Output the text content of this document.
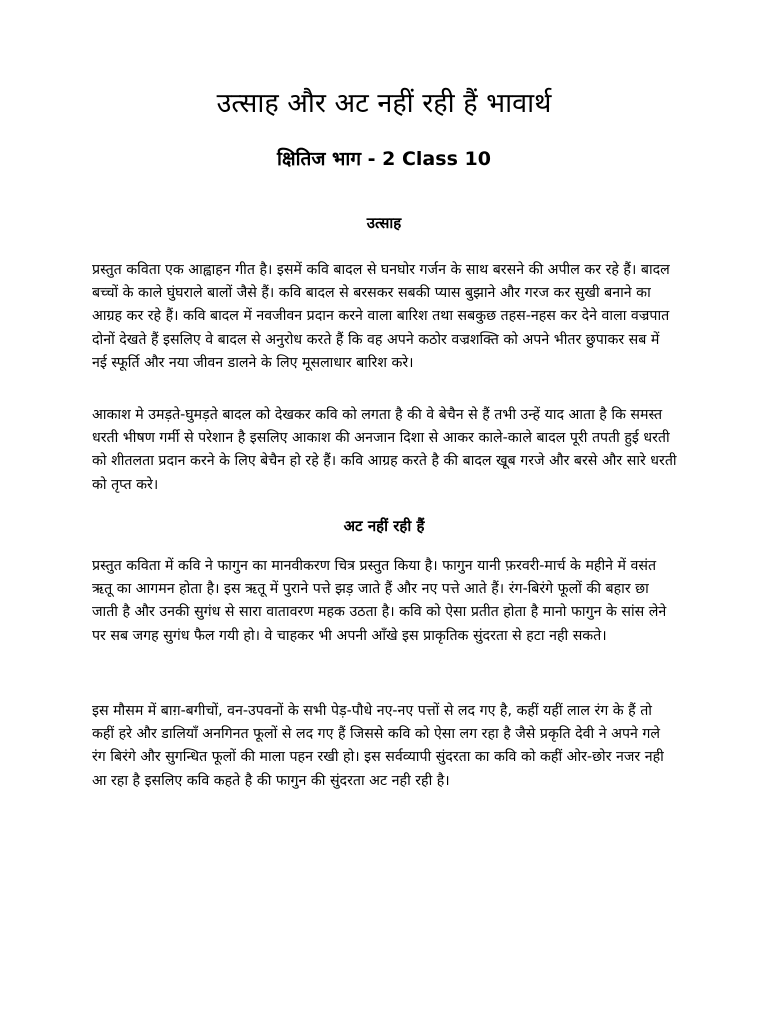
उत्साह और अट नहीं रही हैं भावार्थ
क्षितिज भाग - 2 Class 10
उत्साह

प्रस्तुत कविता एक आह्वाहन गीत है। इसमें कवि बादल से घनघोर गर्जन के साथ बरसने की अपील कर रहे हैं। बादल बच्चों के काले घुंघराले बालों जैसे हैं। कवि बादल से बरसकर सबकी प्यास बुझाने और गरज कर सुखी बनाने का आग्रह कर रहे हैं। कवि बादल में नवजीवन प्रदान करने वाला बारिश तथा सबकुछ तहस-नहस कर देने वाला वज्रपात दोनों देखते हैं इसलिए वे बादल से अनुरोध करते हैं कि वह अपने कठोर वज्रशक्ति को अपने भीतर छुपाकर सब में नई स्फूर्ति और नया जीवन डालने के लिए मूसलाधार बारिश करे।

आकाश मे उमड़ते-घुमड़ते बादल को देखकर कवि को लगता है की वे बेचैन से हैं तभी उन्हें याद आता है कि समस्त धरती भीषण गर्मी से परेशान है इसलिए आकाश की अनजान दिशा से आकर काले-काले बादल पूरी तपती हुई धरती को शीतलता प्रदान करने के लिए बेचैन हो रहे हैं। कवि आग्रह करते है की बादल खूब गरजे और बरसे और सारे धरती को तृप्त करे।

अट नहीं रही हैं

प्रस्तुत कविता में कवि ने फागुन का मानवीकरण चित्र प्रस्तुत किया है। फागुन यानी फ़रवरी-मार्च के महीने में वसंत ऋतू का आगमन होता है। इस ऋतू में पुराने पत्ते झड़ जाते हैं और नए पत्ते आते हैं। रंग-बिरंगे फूलों की बहार छा जाती है और उनकी सुगंध से सारा वातावरण महक उठता है। कवि को ऐसा प्रतीत होता है मानो फागुन के सांस लेने पर सब जगह सुगंध फैल गयी हो। वे चाहकर भी अपनी आँखे इस प्राकृतिक सुंदरता से हटा नही सकते।

इस मौसम में बाग़-बगीचों, वन-उपवनों के सभी पेड़-पौधे नए-नए पत्तों से लद गए है, कहीं यहीं लाल रंग के हैं तो कहीं हरे और डालियाँ अनगिनत फूलों से लद गए हैं जिससे कवि को ऐसा लग रहा है जैसे प्रकृति देवी ने अपने गले रंग बिरंगे और सुगन्धित फूलों की माला पहन रखी हो। इस सर्वव्यापी सुंदरता का कवि को कहीं ओर-छोर नजर नही आ रहा है इसलिए कवि कहते है की फागुन की सुंदरता अट नही रही है।
